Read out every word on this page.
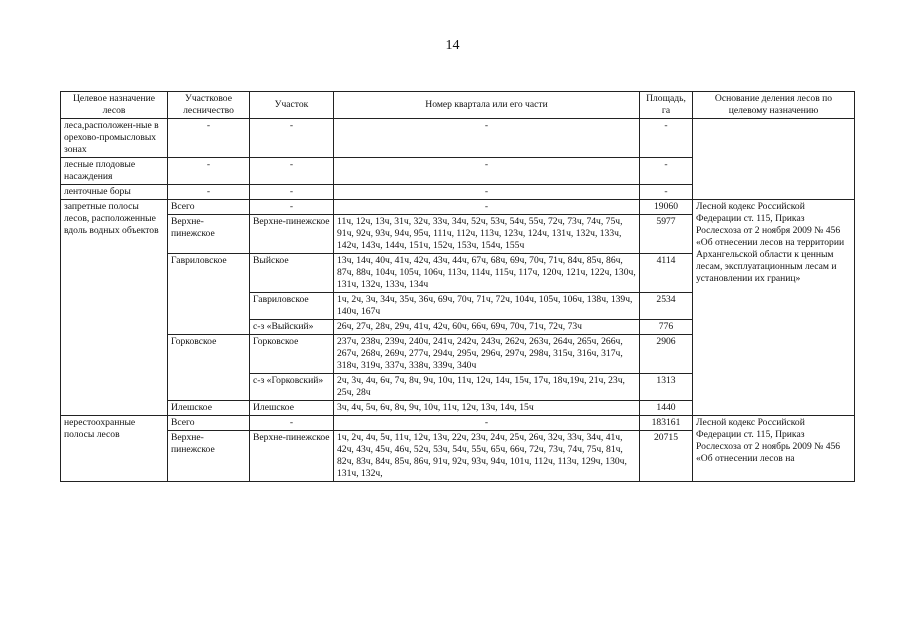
14
Целевое назначение лесов	Участковое лесничество	Участок	Номер квартала или его части	Площадь, га	Основание деления лесов по целевому назначению
леса,расположен-ные в орехово-промысловых зонах	-	-	-	-	
лесные плодовые насаждения	-	-	-	-	
ленточные боры	-	-	-	-	
запретные полосы лесов, расположенные вдоль водных объектов	Всего	-	-	19060	Лесной кодекс Российской Федерации ст. 115, Приказ Рослесхоза от 2 ноября 2009 № 456 «Об отнесении лесов на территории Архангельской области к ценным лесам, эксплуатационным лесам и установлении их границ»
	Верхне-пинежское	Верхне-пинежское	11ч, 12ч, 13ч, 31ч, 32ч, 33ч, 34ч, 52ч, 53ч, 54ч, 55ч, 72ч, 73ч, 74ч, 75ч, 91ч, 92ч, 93ч, 94ч, 95ч, 111ч, 112ч, 113ч, 123ч, 124ч, 131ч, 132ч, 133ч, 142ч, 143ч, 144ч, 151ч, 152ч, 153ч, 154ч, 155ч	5977	
	Гавриловское	Выйское	13ч, 14ч, 40ч, 41ч, 42ч, 43ч, 44ч, 67ч, 68ч, 69ч, 70ч, 71ч, 84ч, 85ч, 86ч, 87ч, 88ч, 104ч, 105ч, 106ч, 113ч, 114ч, 115ч, 117ч, 120ч, 121ч, 122ч, 130ч, 131ч, 132ч, 133ч, 134ч	4114	
		Гавриловское	1ч, 2ч, 3ч, 34ч, 35ч, 36ч, 69ч, 70ч, 71ч, 72ч, 104ч, 105ч, 106ч, 138ч, 139ч, 140ч, 167ч	2534	
		с-з «Выйский»	26ч, 27ч, 28ч, 29ч, 41ч, 42ч, 60ч, 66ч, 69ч, 70ч, 71ч, 72ч, 73ч	776	
	Горковское	Горковское	237ч, 238ч, 239ч, 240ч, 241ч, 242ч, 243ч, 262ч, 263ч, 264ч, 265ч, 266ч, 267ч, 268ч, 269ч, 277ч, 294ч, 295ч, 296ч, 297ч, 298ч, 315ч, 316ч, 317ч, 318ч, 319ч, 337ч, 338ч, 339ч, 340ч	2906	
		с-з «Горковский»	2ч, 3ч, 4ч, 6ч, 7ч, 8ч, 9ч, 10ч, 11ч, 12ч, 14ч, 15ч, 17ч, 18ч,19ч, 21ч, 23ч, 25ч, 28ч	1313	
	Илешское	Илешское	3ч, 4ч, 5ч, 6ч, 8ч, 9ч, 10ч, 11ч, 12ч, 13ч, 14ч, 15ч	1440	
нерестоохранные полосы лесов	Всего	-	-	183161	Лесной кодекс Российской Федерации ст. 115, Приказ Рослесхоза от 2 ноябрь 2009 № 456 «Об отнесении лесов на
	Верхне-пинежское	Верхне-пинежское	1ч, 2ч, 4ч, 5ч, 11ч, 12ч, 13ч, 22ч, 23ч, 24ч, 25ч, 26ч, 32ч, 33ч, 34ч, 41ч, 42ч, 43ч, 45ч, 46ч, 52ч, 53ч, 54ч, 55ч, 65ч, 66ч, 72ч, 73ч, 74ч, 75ч, 81ч, 82ч, 83ч, 84ч, 85ч, 86ч, 91ч, 92ч, 93ч, 94ч, 101ч, 112ч, 113ч, 129ч, 130ч, 131ч, 132ч,	20715	
